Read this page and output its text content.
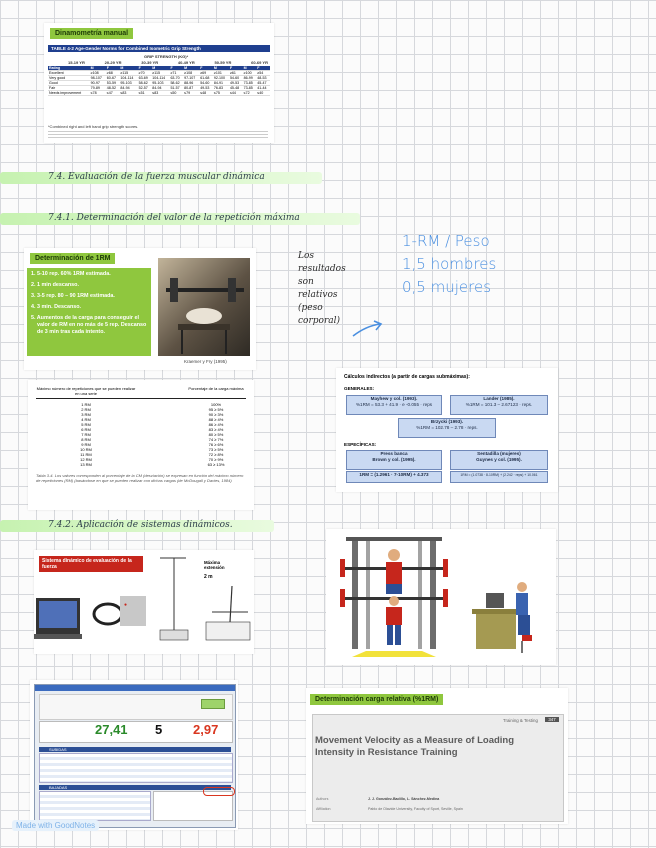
Dinamometría manual
TABLE 4-2 Age-Gender Norms for Combined Isometric Grip Strength
GRIP STRENGTH (KG)*
15-19 YR	20-29 YR	30-39 YR	40-49 YR	50-59 YR	60-69 YR
Rating	M	F	M	F	M	F	M	F	M	F	M	F
Excellent	≥108	≥68	≥115	≥70	≥115	≥71	≥108	≥69	≥101	≥61	≥100	≥54
Very good	98-107	60-67	104-114	63-69	104-114	63-70	97-107	61-68	92-100	54-60	86-99	48-53
Good	90-97	53-59	95-103	58-62	95-103	58-62	88-96	54-60	84-91	49-53	73-85	45-47
Fair	79-89	48-52	84-94	52-57	84-94	51-57	80-87	49-53	76-83	45-48	73-85	41-44
Needs improvement	≤78	≤47	≤83	≤51	≤83	≤50	≤79	≤48	≤75	≤44	≤72	≤40
*Combined right and left hand grip strength scores.
7.4. Evaluación de la fuerza muscular dinámica
7.4.1. Determinación del valor de la repetición máxima
7.4.2. Aplicación de sistemas dinámicos.
Determinación de 1RM
1. 5-10 rep. 60% 1RM estimada.
2. 1 min descanso.
3. 3-5 rep. 80 – 90 1RM estimada.
4. 3 min. Descanso.
5. Aumentos de la carga para conseguir el valor de RM en no más de 5 rep. Descanso de 3 min tras cada intento.
Kraemer y Fry (1995)
Los
resultados
son
relativos
(peso
corporal)
1-RM / Peso
1,5 hombres
0,5 mujeres
Máximo número de repeticiones que se pueden realizar en una serie
Porcentaje de la carga máxima
1 RM	100%
2 RM	95 ≥ 5%
3 RM	90 ≥ 3%
4 RM	88 ≥ 4%
5 RM	86 ≥ 4%
6 RM	83 ≥ 4%
7 RM	80 ≥ 5%
8 RM	74 ≥ 7%
9 RM	76 ≥ 6%
10 RM	73 ≥ 5%
11 RM	72 ≥ 8%
12 RM	70 ≥ 9%
13 RM	63 ≥ 13%
Tabla 3-4. Los valores corresponden al porcentaje de la CM (desviación) se expresan en función del máximo número de repeticiones (RM) (basándose en que se pueden realizar con dichas cargas (de McDougall y Davies, 1984)
Cálculos indirectos (a partir de cargas submáximas):
GENERALES:
Mayhew y col. (1993).
%1RM = 53.3 + 41.9 · e -0.055 · reps
Lander (1985).
%1RM = 101.3 – 2.67123 · reps.
Brzycki (1993).
%1RM = 102.78 – 2.78 · reps.
ESPECÍFICAS:
Press banca
Brown y col. (1995).
Sentadilla (mujeres)
Guynes y col. (1995).
1RM = (1.2961 · 7-10RM) + 4.373	1RM = (1.0738 · 8-10RM) + (2.242 · reps) + 10.061
Sistema dinámico de evaluación de la fuerza
●
Máxima extensión
2 m
27,41 5 2,97
SUBIDAS
BAJADAS
Determinación carga relativa (%1RM)
Training & Testing	347
Movement Velocity as a Measure of Loading Intensity in Resistance Training
Authors	J. J. González-Badillo, L. Sánchez-Medina
Affiliation	Pablo de Olavide University, Faculty of Sport, Seville, Spain
Made with GoodNotes
